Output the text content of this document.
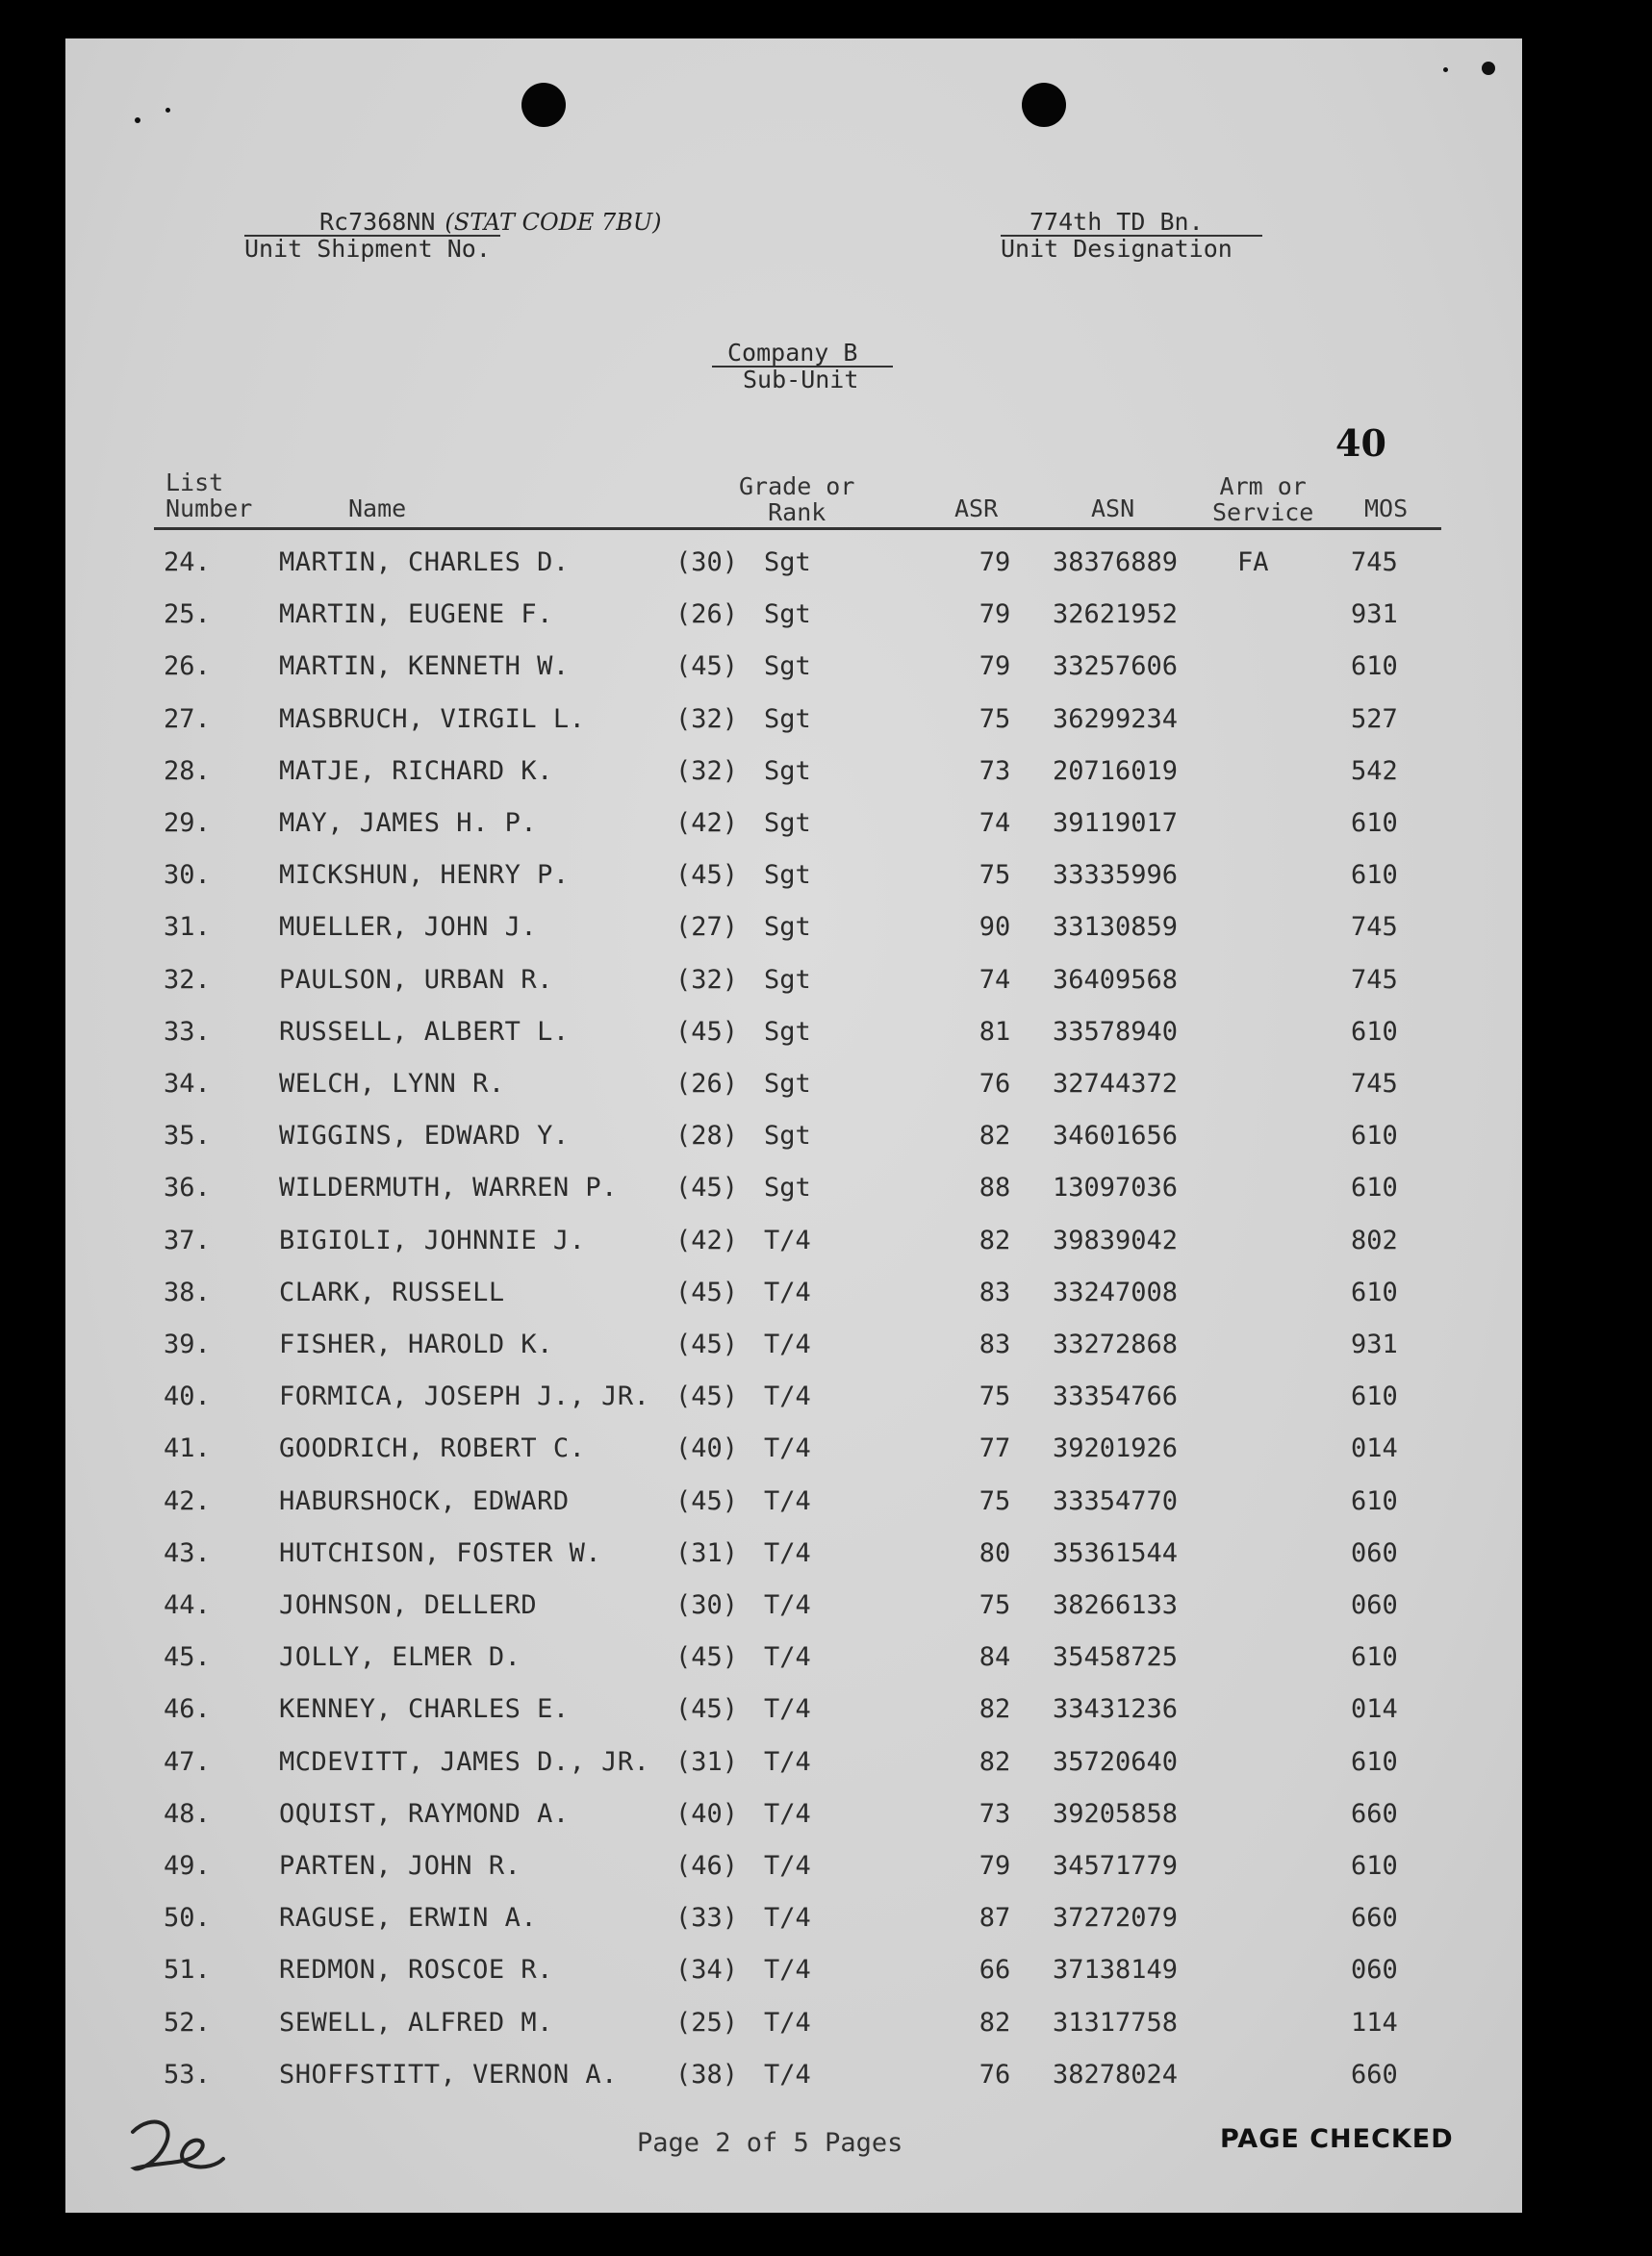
Rc7368NN (STAT CODE 7BU)
Unit Shipment No.
774th TD Bn.
Unit Designation
Company B
Sub-Unit
40
List
Number	Name
Grade or
Rank	ASR	ASN
Arm or
Service MOS
24.	MARTIN, CHARLES D.	(30) Sgt	79	38376889 FA	745
25.	MARTIN, EUGENE F.	(26) Sgt	79	32621952	931
26.	MARTIN, KENNETH W.	(45) Sgt	79	33257606	610
27.	MASBRUCH, VIRGIL L.	(32) Sgt	75	36299234	527
28.	MATJE, RICHARD K.	(32) Sgt	73	20716019	542
29.	MAY, JAMES H. P.	(42) Sgt	74	39119017	610
30.	MICKSHUN, HENRY P.	(45) Sgt	75	33335996	610
31.	MUELLER, JOHN J.	(27) Sgt	90	33130859	745
32.	PAULSON, URBAN R.	(32) Sgt	74	36409568	745
33.	RUSSELL, ALBERT L.	(45) Sgt	81	33578940	610
34.	WELCH, LYNN R.	(26) Sgt	76	32744372	745
35.	WIGGINS, EDWARD Y.	(28) Sgt	82	34601656	610
36.	WILDERMUTH, WARREN P. (45) Sgt	88	13097036	610
37.	BIGIOLI, JOHNNIE J.	(42) T/4	82	39839042	802
38.	CLARK, RUSSELL	(45) T/4	83	33247008	610
39.	FISHER, HAROLD K.	(45) T/4	83	33272868	931
40.	FORMICA, JOSEPH J., JR. (45) T/4	75	33354766	610
41.	GOODRICH, ROBERT C.	(40) T/4	77	39201926	014
42.	HABURSHOCK, EDWARD	(45) T/4	75	33354770	610
43.	HUTCHISON, FOSTER W.	(31) T/4	80	35361544	060
44.	JOHNSON, DELLERD	(30) T/4	75	38266133	060
45.	JOLLY, ELMER D.	(45) T/4	84	35458725	610
46.	KENNEY, CHARLES E.	(45) T/4	82	33431236	014
47.	MCDEVITT, JAMES D., JR. (31) T/4	82	35720640	610
48.	OQUIST, RAYMOND A.	(40) T/4	73	39205858	660
49.	PARTEN, JOHN R.	(46) T/4	79	34571779	610
50.	RAGUSE, ERWIN A.	(33) T/4	87	37272079	660
51.	REDMON, ROSCOE R.	(34) T/4	66	37138149	060
52.	SEWELL, ALFRED M.	(25) T/4	82	31317758	114
53.	SHOFFSTITT, VERNON A. (38) T/4	76	38278024	660
Page 2 of 5 Pages	PAGE CHECKED
